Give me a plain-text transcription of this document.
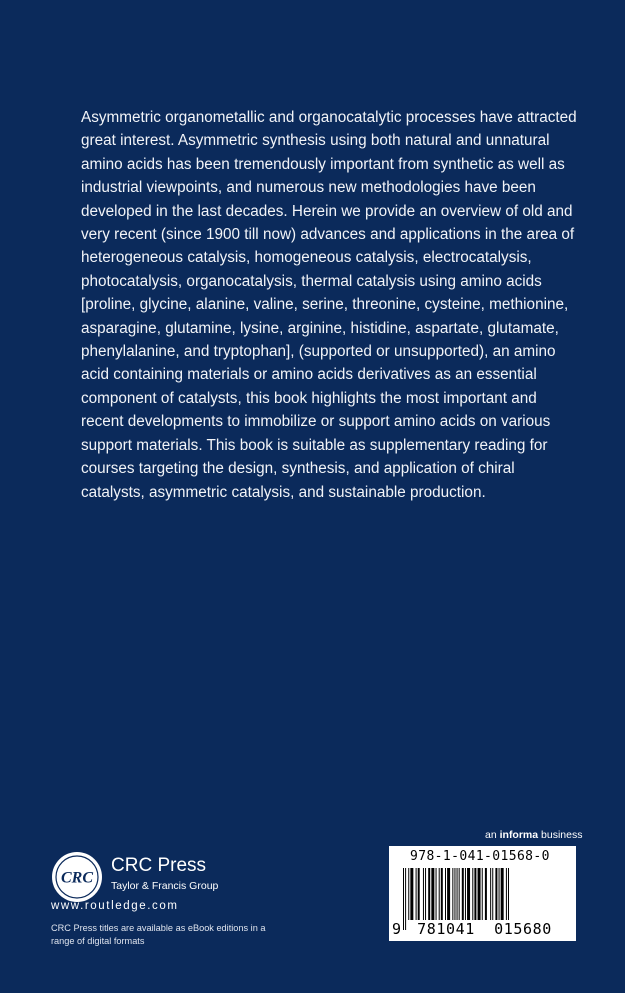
Asymmetric organometallic and organocatalytic processes have attracted great interest. Asymmetric synthesis using both natural and unnatural amino acids has been tremendously important from synthetic as well as industrial viewpoints, and numerous new methodologies have been developed in the last decades. Herein we provide an overview of old and very recent (since 1900 till now) advances and applications in the area of heterogeneous catalysis, homogeneous catalysis, electrocatalysis, photocatalysis, organocatalysis, thermal catalysis using amino acids [proline, glycine, alanine, valine, serine, threonine, cysteine, methionine, asparagine, glutamine, lysine, arginine, histidine, aspartate, glutamate, phenylalanine, and tryptophan], (supported or unsupported), an amino acid containing materials or amino acids derivatives as an essential component of catalysts, this book highlights the most important and recent developments to immobilize or support amino acids on various support materials. This book is suitable as supplementary reading for courses targeting the design, synthesis, and application of chiral catalysts, asymmetric catalysis, and sustainable production.

an informa business
CRC
CRC Press
Taylor & Francis Group
www.routledge.com
CRC Press titles are available as eBook editions in a range of digital formats
978-1-041-01568-0
9	781041	015680
